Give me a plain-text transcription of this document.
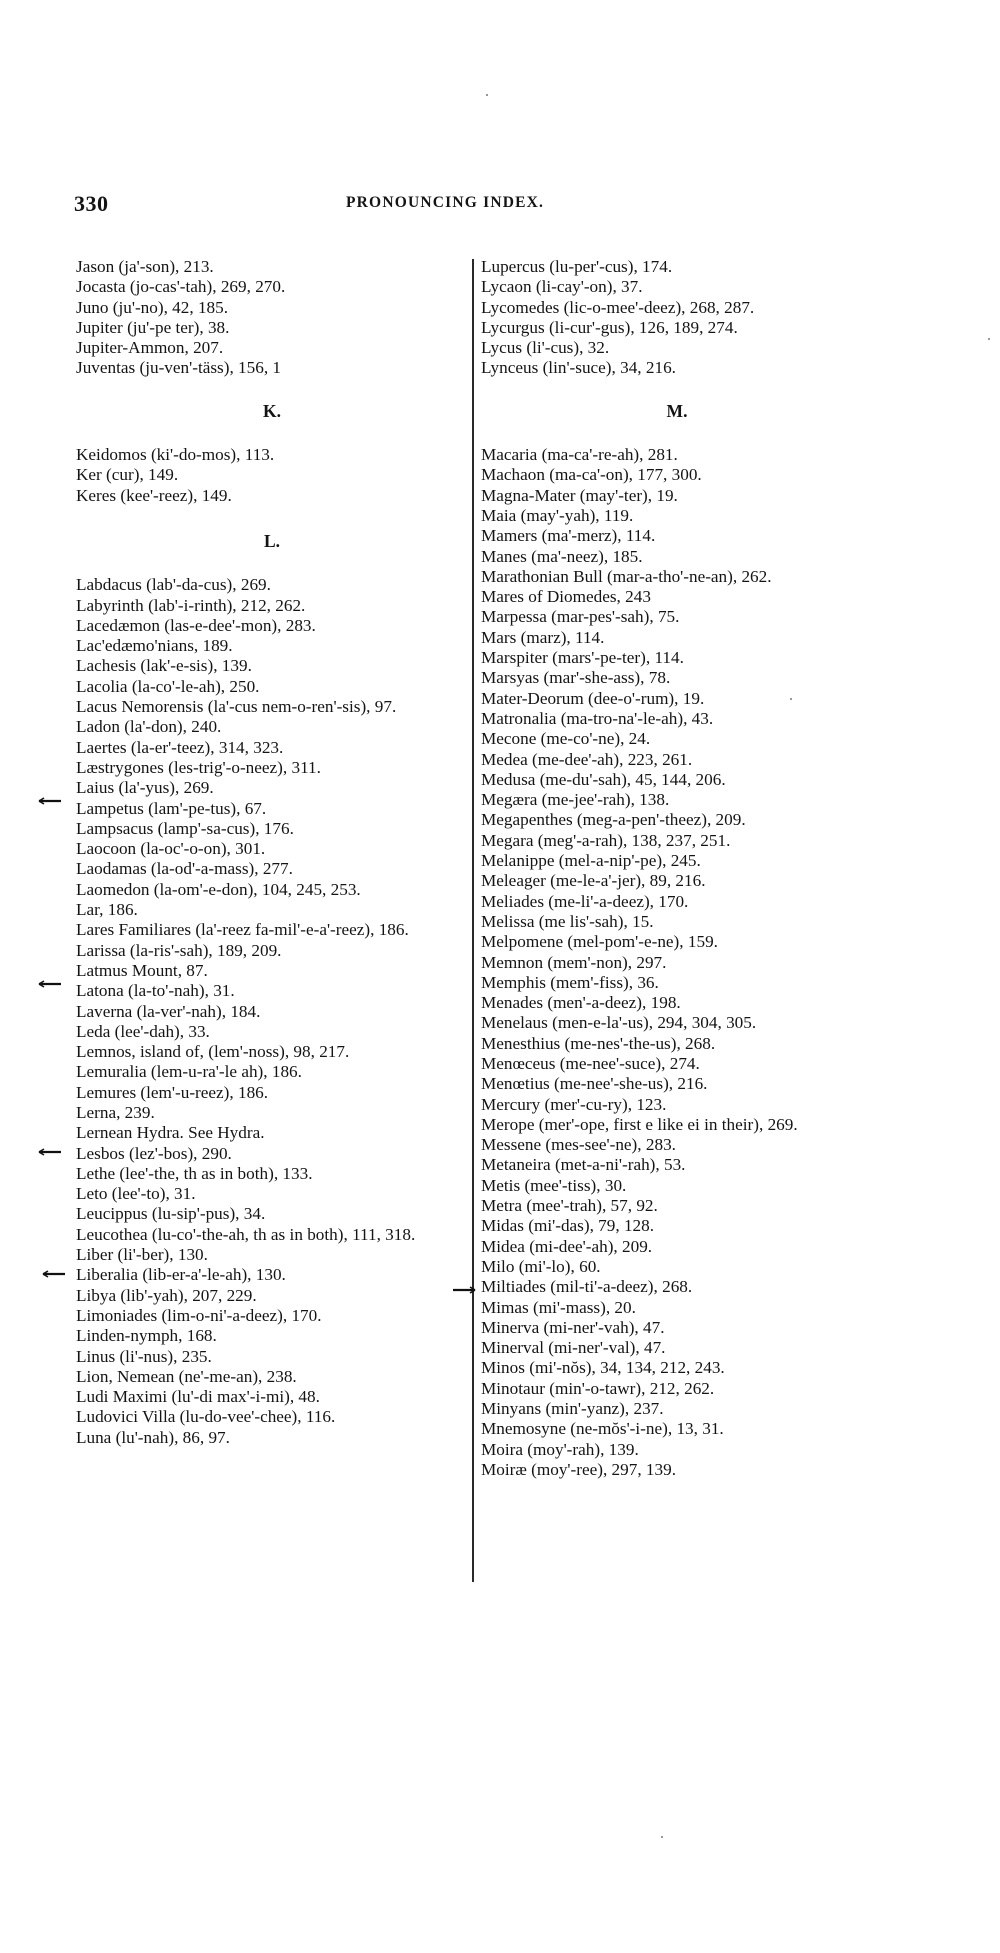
330	PRONOUNCING INDEX.

Jason (ja'-son), 213.

Jocasta (jo-cas'-tah), 269, 270.

Juno (ju'-no), 42, 185.

Jupiter (ju'-pe ter), 38.

Jupiter-Ammon, 207.

Juventas (ju-ven'-täss), 156, 1

K.

Keidomos (ki'-do-mos), 113.

Ker (cur), 149.

Keres (kee'-reez), 149.

L.

Labdacus (lab'-da-cus), 269.

Labyrinth (lab'-i-rinth), 212, 262.

Lacedæmon (las-e-dee'-mon), 283.

Lac'edæmo'nians, 189.

Lachesis (lak'-e-sis), 139.

Lacolia (la-co'-le-ah), 250.

Lacus Nemorensis (la'-cus nem-o-ren'-sis), 97.

Ladon (la'-don), 240.

Laertes (la-er'-teez), 314, 323.

Læstrygones (les-trig'-o-neez), 311.

Laius (la'-yus), 269.

Lampetus (lam'-pe-tus), 67.

Lampsacus (lamp'-sa-cus), 176.

Laocoon (la-oc'-o-on), 301.

Laodamas (la-od'-a-mass), 277.

Laomedon (la-om'-e-don), 104, 245, 253.

Lar, 186.

Lares Familiares (la'-reez fa-mil'-e-a'-reez), 186.

Larissa (la-ris'-sah), 189, 209.

Latmus Mount, 87.

Latona (la-to'-nah), 31.

Laverna (la-ver'-nah), 184.

Leda (lee'-dah), 33.

Lemnos, island of, (lem'-noss), 98, 217.

Lemuralia (lem-u-ra'-le ah), 186.

Lemures (lem'-u-reez), 186.

Lerna, 239.

Lernean Hydra. See Hydra.

Lesbos (lez'-bos), 290.

Lethe (lee'-the, th as in both), 133.

Leto (lee'-to), 31.

Leucippus (lu-sip'-pus), 34.

Leucothea (lu-co'-the-ah, th as in both), 111, 318.

Liber (li'-ber), 130.

Liberalia (lib-er-a'-le-ah), 130.

Libya (lib'-yah), 207, 229.

Limoniades (lim-o-ni'-a-deez), 170.

Linden-nymph, 168.

Linus (li'-nus), 235.

Lion, Nemean (ne'-me-an), 238.

Ludi Maximi (lu'-di max'-i-mi), 48.

Ludovici Villa (lu-do-vee'-chee), 116.

Luna (lu'-nah), 86, 97.

Lupercus (lu-per'-cus), 174.

Lycaon (li-cay'-on), 37.

Lycomedes (lic-o-mee'-deez), 268, 287.

Lycurgus (li-cur'-gus), 126, 189, 274.

Lycus (li'-cus), 32.

Lynceus (lin'-suce), 34, 216.

M.

Macaria (ma-ca'-re-ah), 281.

Machaon (ma-ca'-on), 177, 300.

Magna-Mater (may'-ter), 19.

Maia (may'-yah), 119.

Mamers (ma'-merz), 114.

Manes (ma'-neez), 185.

Marathonian Bull (mar-a-tho'-ne-an), 262.

Mares of Diomedes, 243

Marpessa (mar-pes'-sah), 75.

Mars (marz), 114.

Marspiter (mars'-pe-ter), 114.

Marsyas (mar'-she-ass), 78.

Mater-Deorum (dee-o'-rum), 19.

Matronalia (ma-tro-na'-le-ah), 43.

Mecone (me-co'-ne), 24.

Medea (me-dee'-ah), 223, 261.

Medusa (me-du'-sah), 45, 144, 206.

Megæra (me-jee'-rah), 138.

Megapenthes (meg-a-pen'-theez), 209.

Megara (meg'-a-rah), 138, 237, 251.

Melanippe (mel-a-nip'-pe), 245.

Meleager (me-le-a'-jer), 89, 216.

Meliades (me-li'-a-deez), 170.

Melissa (me lis'-sah), 15.

Melpomene (mel-pom'-e-ne), 159.

Memnon (mem'-non), 297.

Memphis (mem'-fiss), 36.

Menades (men'-a-deez), 198.

Menelaus (men-e-la'-us), 294, 304, 305.

Menesthius (me-nes'-the-us), 268.

Menœceus (me-nee'-suce), 274.

Menœtius (me-nee'-she-us), 216.

Mercury (mer'-cu-ry), 123.

Merope (mer'-ope, first e like ei in their), 269.

Messene (mes-see'-ne), 283.

Metaneira (met-a-ni'-rah), 53.

Metis (mee'-tiss), 30.

Metra (mee'-trah), 57, 92.

Midas (mi'-das), 79, 128.

Midea (mi-dee'-ah), 209.

Milo (mi'-lo), 60.

Miltiades (mil-ti'-a-deez), 268.

Mimas (mi'-mass), 20.

Minerva (mi-ner'-vah), 47.

Minerval (mi-ner'-val), 47.

Minos (mi'-nŏs), 34, 134, 212, 243.

Minotaur (min'-o-tawr), 212, 262.

Minyans (min'-yanz), 237.

Mnemosyne (ne-mŏs'-i-ne), 13, 31.

Moira (moy'-rah), 139.

Moiræ (moy'-ree), 297, 139.
